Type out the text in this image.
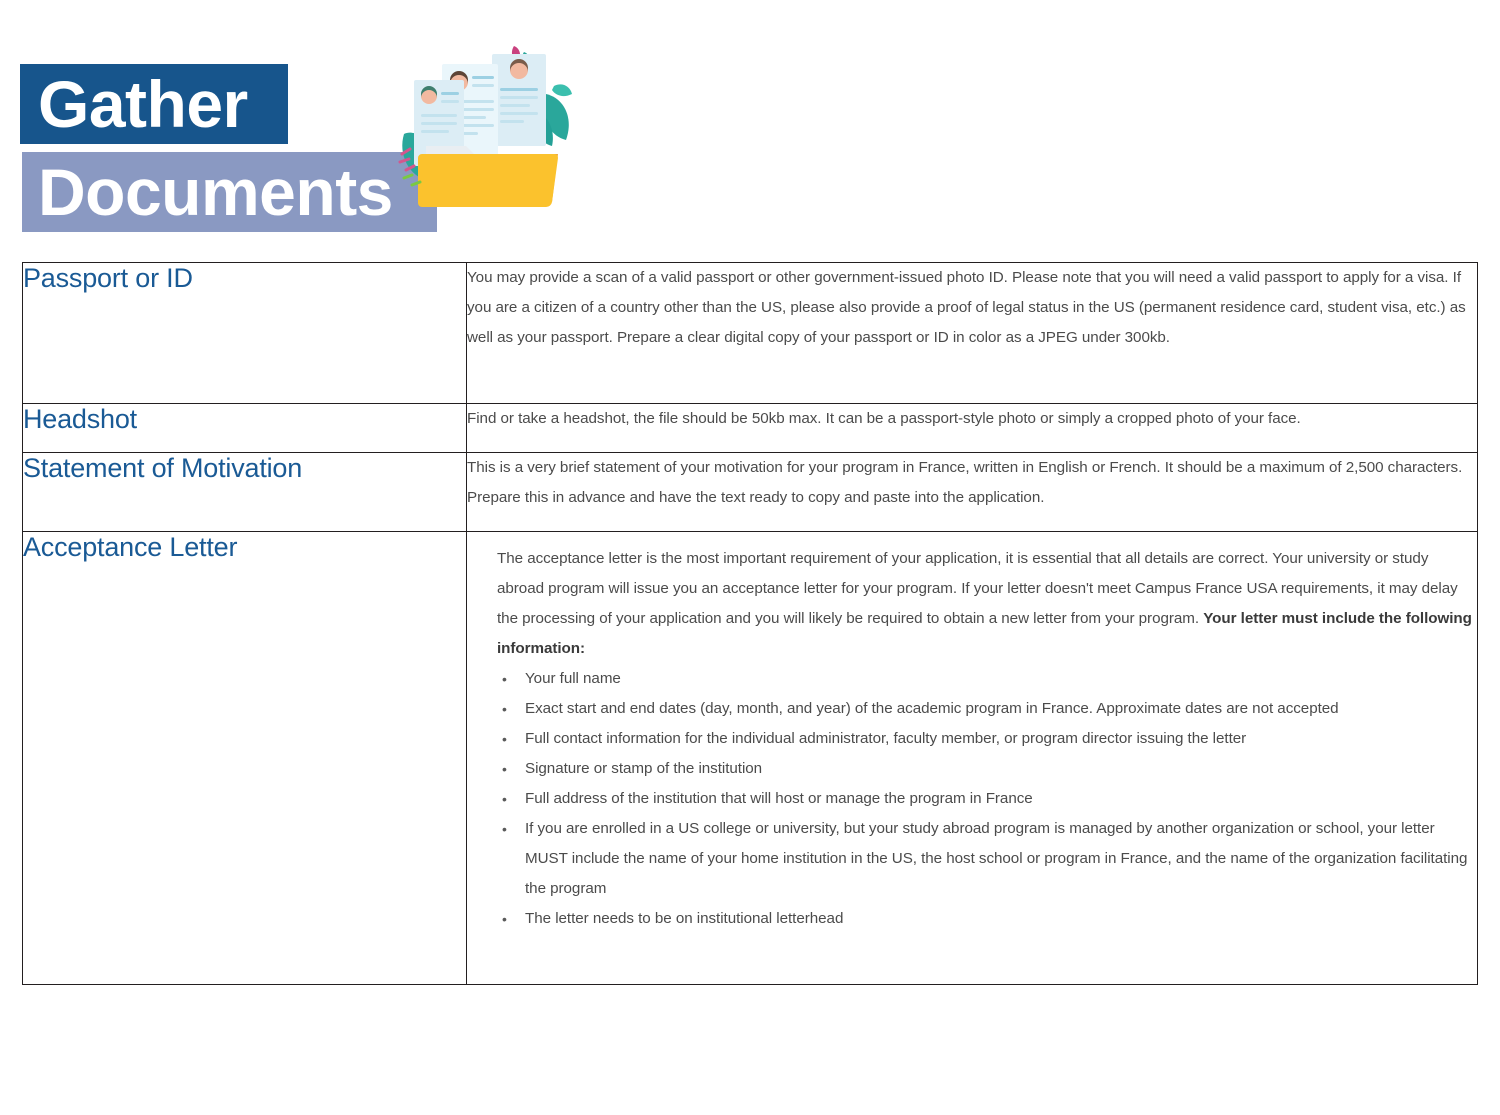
Gather
Documents
Passport or ID	You may provide a scan of a valid passport or other government-issued photo ID. Please note that you will need a valid passport to apply for a visa. If you are a citizen of a country other than the US, please also provide a proof of legal status in the US (permanent residence card, student visa, etc.) as well as your passport. Prepare a clear digital copy of your passport or ID in color as a JPEG under 300kb.

Headshot	Find or take a headshot, the file should be 50kb max. It can be a passport-style photo or simply a cropped photo of your face.

Statement of Motivation	This is a very brief statement of your motivation for your program in France, written in English or French. It should be a maximum of 2,500 characters. Prepare this in advance and have the text ready to copy and paste into the application.

Acceptance Letter	The acceptance letter is the most important requirement of your application, it is essential that all details are correct. Your university or study abroad program will issue you an acceptance letter for your program. If your letter doesn't meet Campus France USA requirements, it may delay the processing of your application and you will likely be required to obtain a new letter from your program. Your letter must include the following information:
• Your full name
• Exact start and end dates (day, month, and year) of the academic program in France. Approximate dates are not accepted
• Full contact information for the individual administrator, faculty member, or program director issuing the letter
• Signature or stamp of the institution
• Full address of the institution that will host or manage the program in France
• If you are enrolled in a US college or university, but your study abroad program is managed by another organization or school, your letter MUST include the name of your home institution in the US, the host school or program in France, and the name of the organization facilitating the program
• The letter needs to be on institutional letterhead
